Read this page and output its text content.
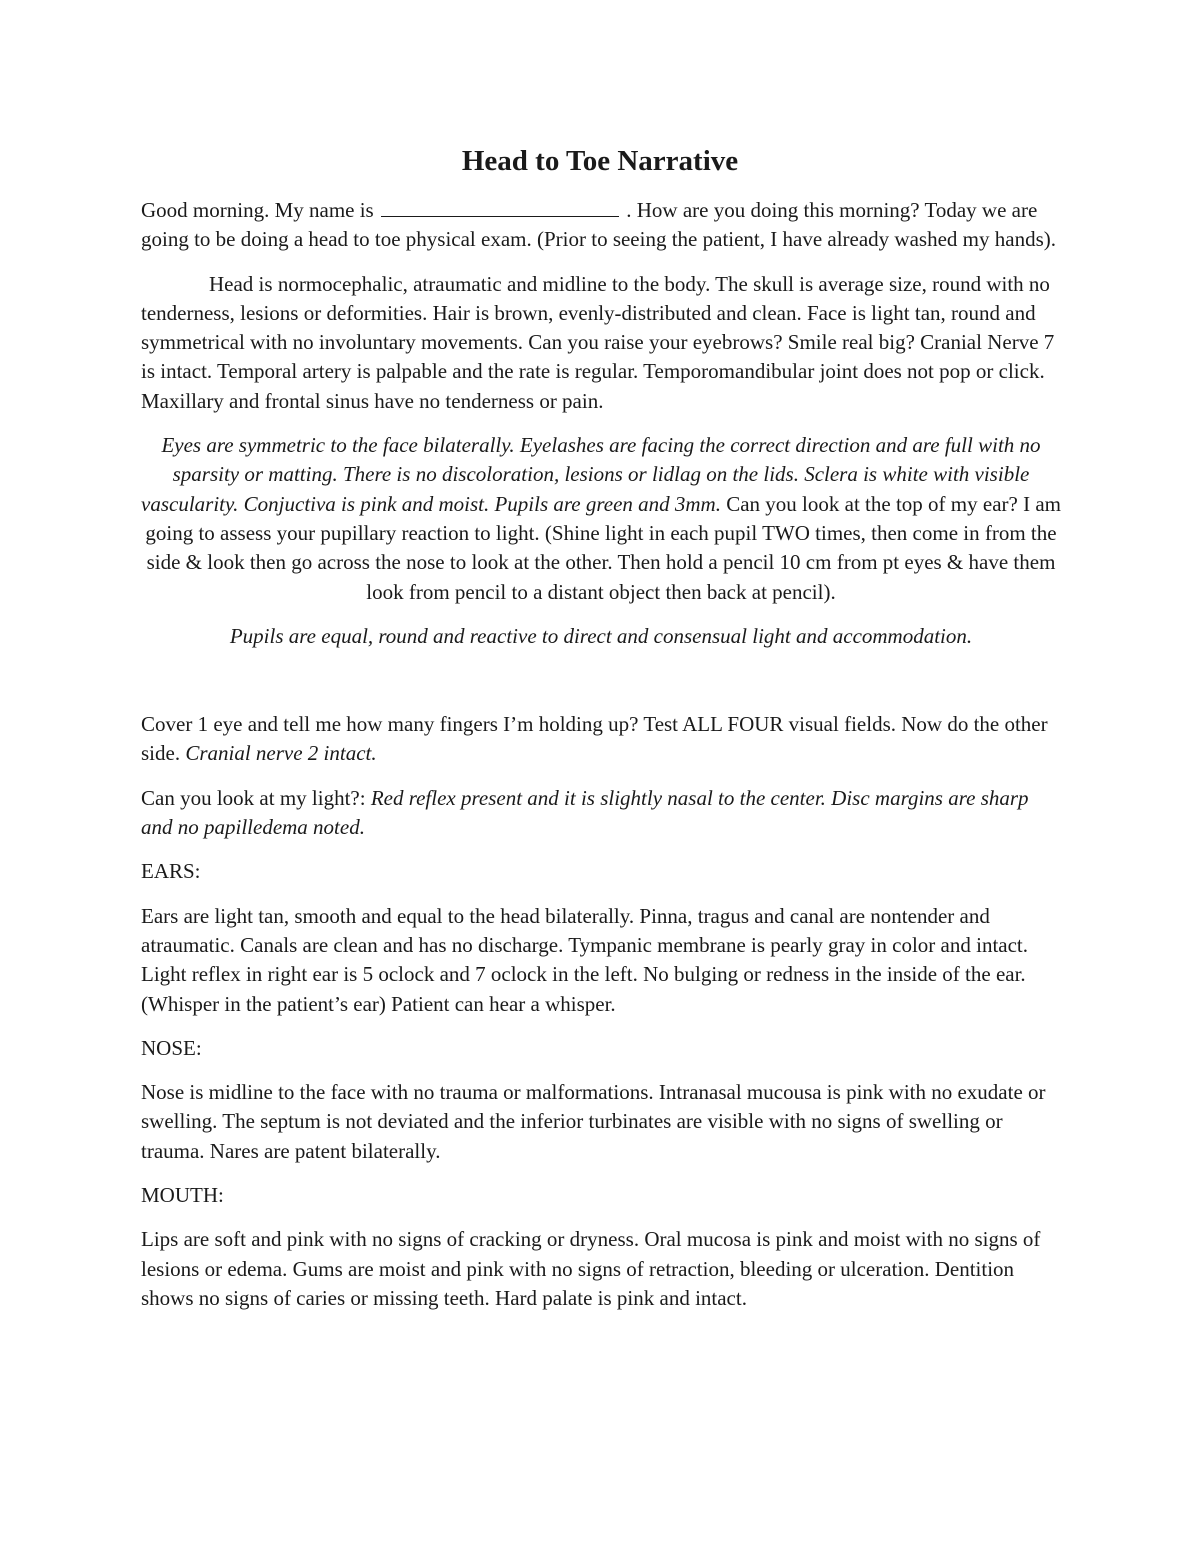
Head to Toe Narrative

Good morning. My name is	. How are you doing this morning? Today we are going to be doing a head to toe physical exam. (Prior to seeing the patient, I have already washed my hands).

Head is normocephalic, atraumatic and midline to the body. The skull is average size, round with no tenderness, lesions or deformities. Hair is brown, evenly-distributed and clean. Face is light tan, round and symmetrical with no involuntary movements. Can you raise your eyebrows? Smile real big? Cranial Nerve 7 is intact. Temporal artery is palpable and the rate is regular. Temporomandibular joint does not pop or click. Maxillary and frontal sinus have no tenderness or pain.

Eyes are symmetric to the face bilaterally. Eyelashes are facing the correct direction and are full with no sparsity or matting. There is no discoloration, lesions or lidlag on the lids. Sclera is white with visible vascularity. Conjuctiva is pink and moist. Pupils are green and 3mm. Can you look at the top of my ear? I am going to assess your pupillary reaction to light. (Shine light in each pupil TWO times, then come in from the side & look then go across the nose to look at the other. Then hold a pencil 10 cm from pt eyes & have them look from pencil to a distant object then back at pencil).

Pupils are equal, round and reactive to direct and consensual light and accommodation.

Cover 1 eye and tell me how many fingers I’m holding up? Test ALL FOUR visual fields. Now do the other side. Cranial nerve 2 intact.

Can you look at my light?: Red reflex present and it is slightly nasal to the center. Disc margins are sharp and no papilledema noted.

EARS:

Ears are light tan, smooth and equal to the head bilaterally. Pinna, tragus and canal are nontender and atraumatic. Canals are clean and has no discharge. Tympanic membrane is pearly gray in color and intact. Light reflex in right ear is 5 oclock and 7 oclock in the left. No bulging or redness in the inside of the ear. (Whisper in the patient’s ear) Patient can hear a whisper.

NOSE:

Nose is midline to the face with no trauma or malformations. Intranasal mucousa is pink with no exudate or swelling. The septum is not deviated and the inferior turbinates are visible with no signs of swelling or trauma. Nares are patent bilaterally.

MOUTH:

Lips are soft and pink with no signs of cracking or dryness. Oral mucosa is pink and moist with no signs of lesions or edema. Gums are moist and pink with no signs of retraction, bleeding or ulceration. Dentition shows no signs of caries or missing teeth. Hard palate is pink and intact.
